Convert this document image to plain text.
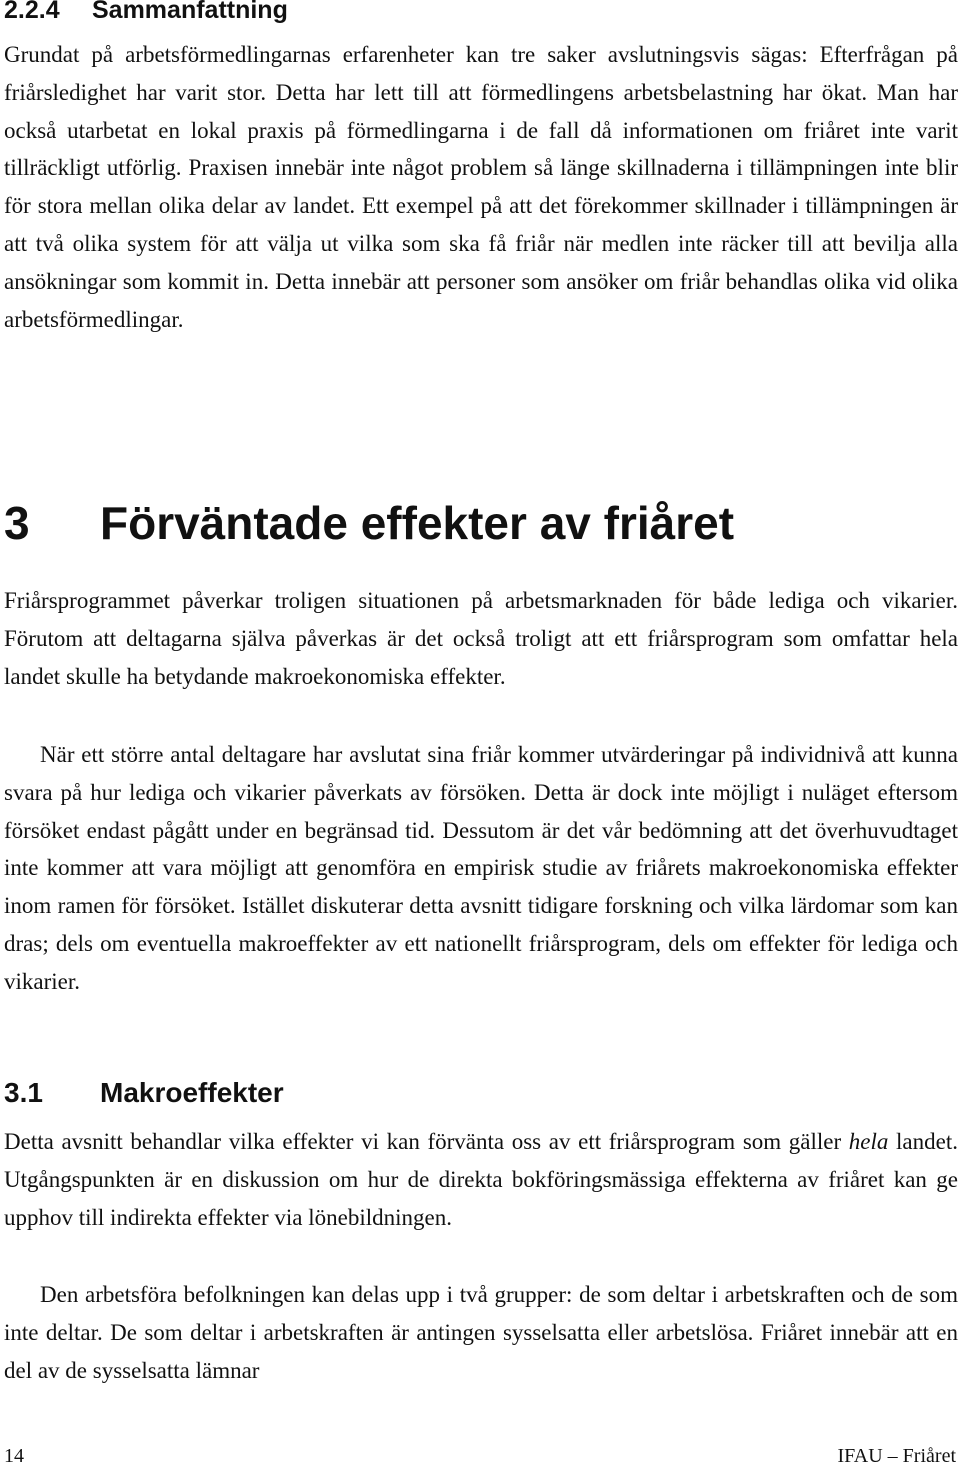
2.2.4 Sammanfattning

Grundat på arbetsförmedlingarnas erfarenheter kan tre saker avslutningsvis sägas: Efterfrågan på friårsledighet har varit stor. Detta har lett till att förmedlingens arbetsbelastning har ökat. Man har också utarbetat en lokal praxis på förmedlingarna i de fall då informationen om friåret inte varit tillräckligt utförlig. Praxisen innebär inte något problem så länge skillnaderna i tillämpningen inte blir för stora mellan olika delar av landet. Ett exempel på att det förekommer skillnader i tillämpningen är att två olika system för att välja ut vilka som ska få friår när medlen inte räcker till att bevilja alla ansökningar som kommit in. Detta innebär att personer som ansöker om friår behandlas olika vid olika arbetsförmedlingar.

3 Förväntade effekter av friåret

Friårsprogrammet påverkar troligen situationen på arbetsmarknaden för både lediga och vikarier. Förutom att deltagarna själva påverkas är det också troligt att ett friårsprogram som omfattar hela landet skulle ha betydande makroekonomiska effekter.

När ett större antal deltagare har avslutat sina friår kommer utvärderingar på individnivå att kunna svara på hur lediga och vikarier påverkats av försöken. Detta är dock inte möjligt i nuläget eftersom försöket endast pågått under en begränsad tid. Dessutom är det vår bedömning att det överhuvudtaget inte kommer att vara möjligt att genomföra en empirisk studie av friårets makroekonomiska effekter inom ramen för försöket. Istället diskuterar detta avsnitt tidigare forskning och vilka lärdomar som kan dras; dels om eventuella makroeffekter av ett nationellt friårsprogram, dels om effekter för lediga och vikarier.

3.1 Makroeffekter

Detta avsnitt behandlar vilka effekter vi kan förvänta oss av ett friårsprogram som gäller hela landet. Utgångspunkten är en diskussion om hur de direkta bokföringsmässiga effekterna av friåret kan ge upphov till indirekta effekter via lönebildningen.

Den arbetsföra befolkningen kan delas upp i två grupper: de som deltar i arbetskraften och de som inte deltar. De som deltar i arbetskraften är antingen sysselsatta eller arbetslösa. Friåret innebär att en del av de sysselsatta lämnar

14	IFAU – Friåret
